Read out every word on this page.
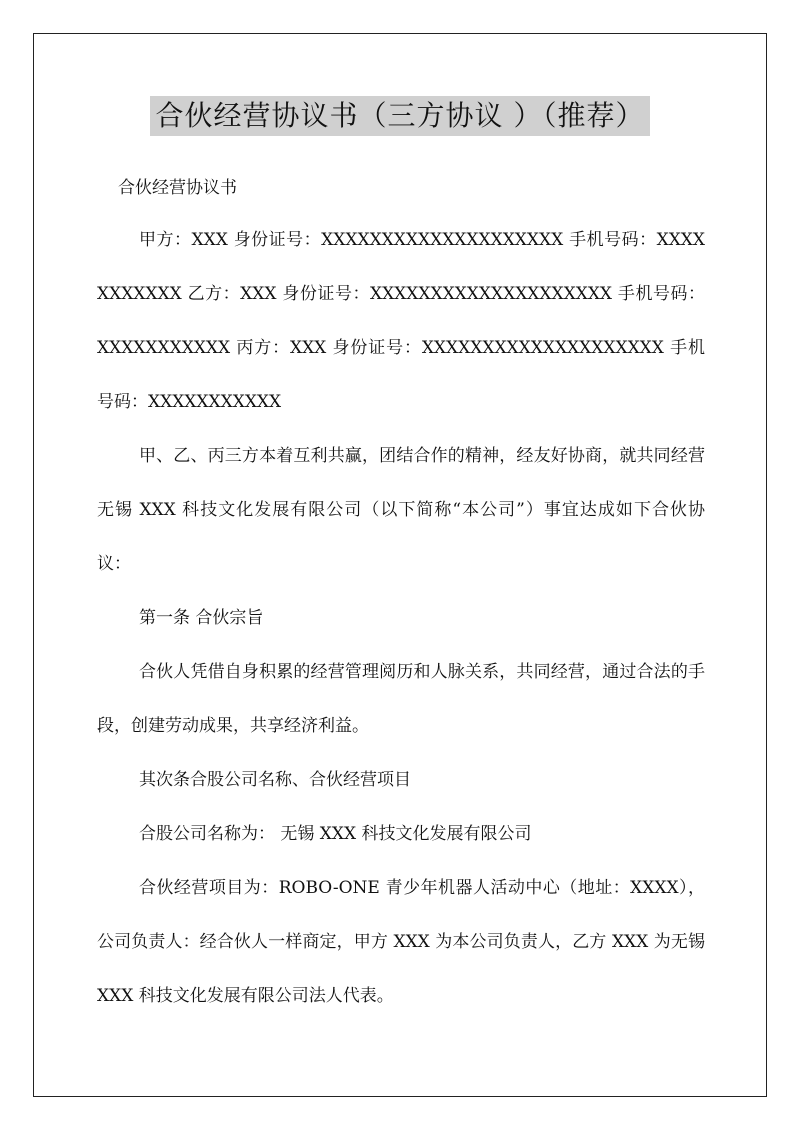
合伙经营协议书（三方协议 ）（推荐）
合伙经营协议书

甲方：XXX 身份证号：XXXXXXXXXXXXXXXXXXXX 手机号码：XXXXXXXXXXX 乙方：XXX 身份证号：XXXXXXXXXXXXXXXXXXXX 手机号码：XXXXXXXXXXX 丙方：XXX 身份证号：XXXXXXXXXXXXXXXXXXXX 手机号码：XXXXXXXXXXX

甲、乙、丙三方本着互利共赢，团结合作的精神，经友好协商，就共同经营无锡 XXX 科技文化发展有限公司（以下简称“本公司”）事宜达成如下合伙协议：

第一条 合伙宗旨

合伙人凭借自身积累的经营管理阅历和人脉关系，共同经营，通过合法的手段，创建劳动成果，共享经济利益。

其次条合股公司名称、合伙经营项目

合股公司名称为： 无锡 XXX 科技文化发展有限公司

合伙经营项目为：ROBO-ONE 青少年机器人活动中心（地址：XXXX），公司负责人：经合伙人一样商定，甲方 XXX 为本公司负责人，乙方 XXX 为无锡 XXX 科技文化发展有限公司法人代表。
